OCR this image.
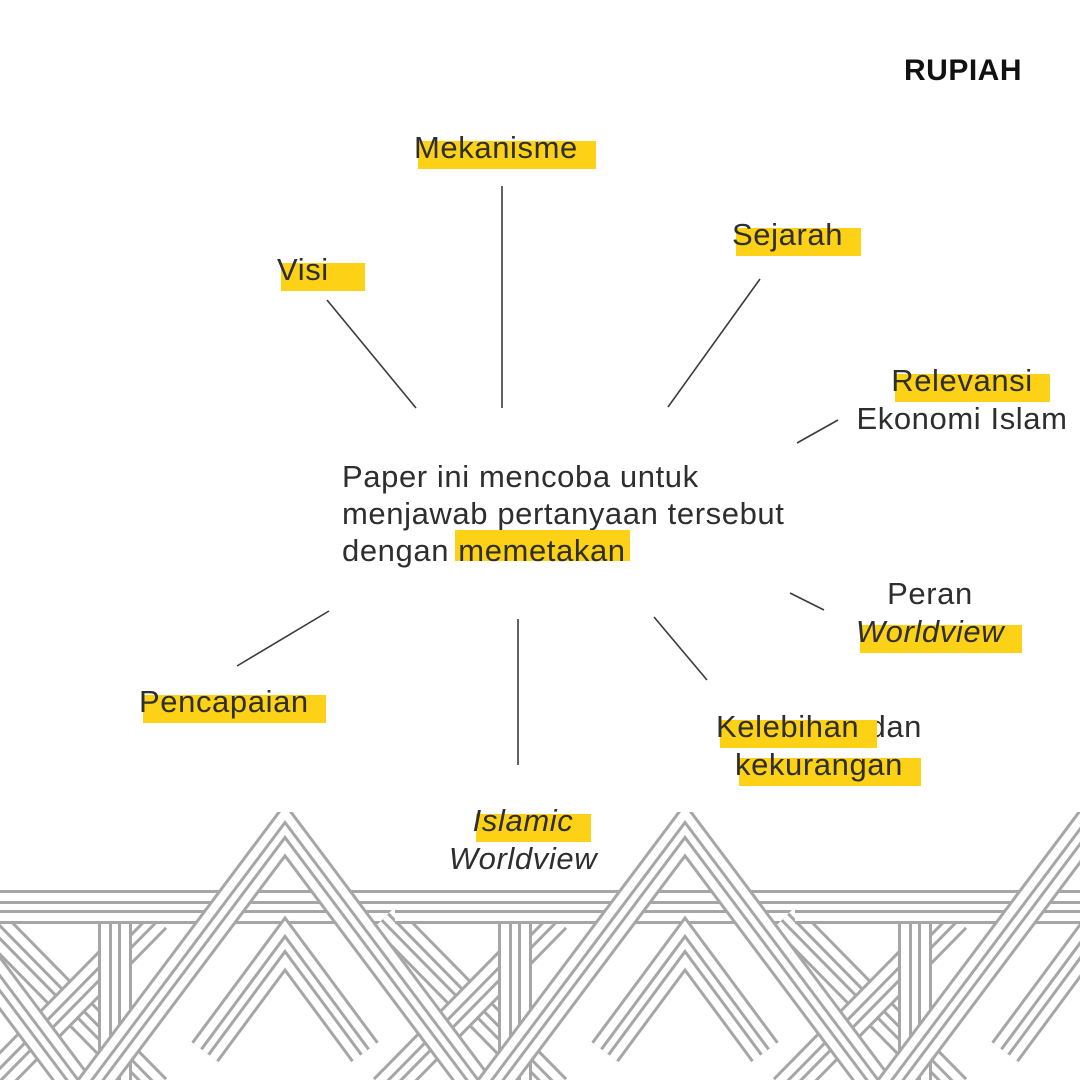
RUPIAH
Paper ini mencoba untuk
menjawab pertanyaan tersebut
dengan memetakan
Mekanisme
Visi
Sejarah
Relevansi
Ekonomi Islam
Peran
Worldview
Kelebihan dan
kekurangan
Islamic
Worldview
Pencapaian
